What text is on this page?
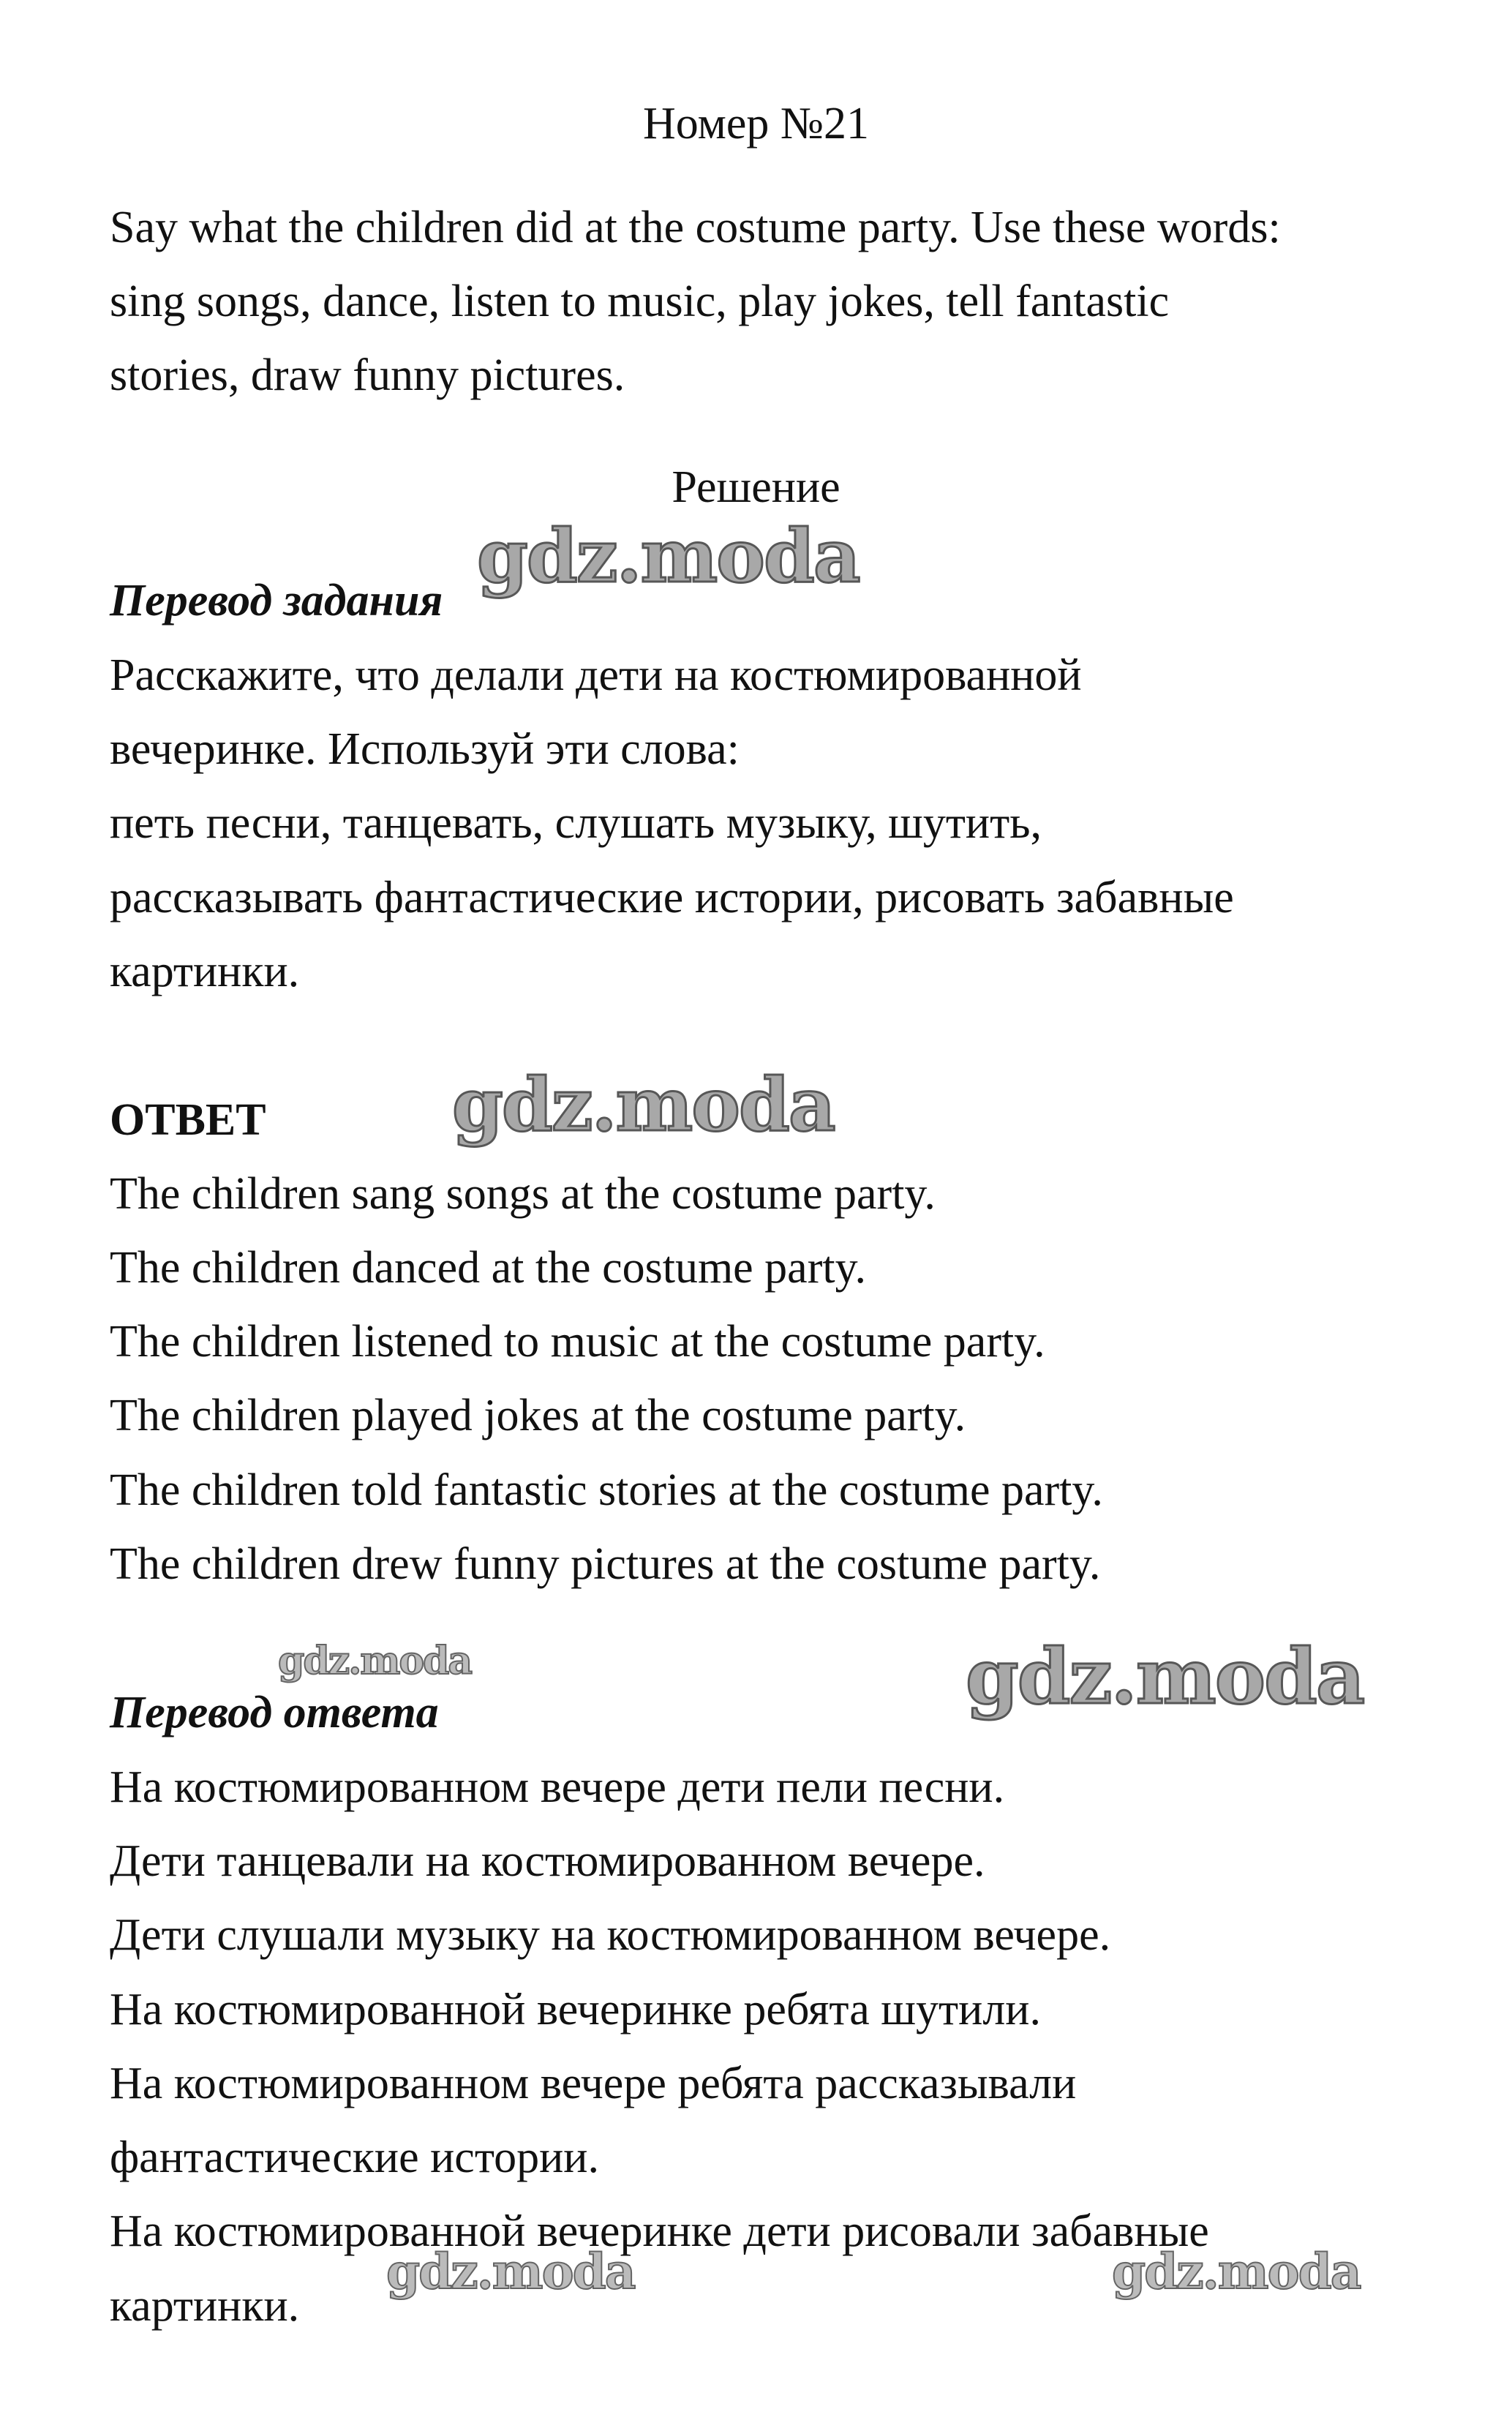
Номер №21
Say what the children did at the costume party. Use these words:
sing songs, dance, listen to music, play jokes, tell fantastic
stories, draw funny pictures.
Решение
Перевод задания
Расскажите, что делали дети на костюмированной
вечеринке. Используй эти слова:
петь песни, танцевать, слушать музыку, шутить,
рассказывать фантастические истории, рисовать забавные
картинки.
ОТВЕТ
The children sang songs at the costume party.
The children danced at the costume party.
The children listened to music at the costume party.
The children played jokes at the costume party.
The children told fantastic stories at the costume party.
The children drew funny pictures at the costume party.
Перевод ответа
На костюмированном вечере дети пели песни.
Дети танцевали на костюмированном вечере.
Дети слушали музыку на костюмированном вечере.
На костюмированной вечеринке ребята шутили.
На костюмированном вечере ребята рассказывали
фантастические истории.
На костюмированной вечеринке дети рисовали забавные
картинки.
gdz.moda
gdz.moda
gdz.moda	gdz.moda
gdz.moda	gdz.moda
